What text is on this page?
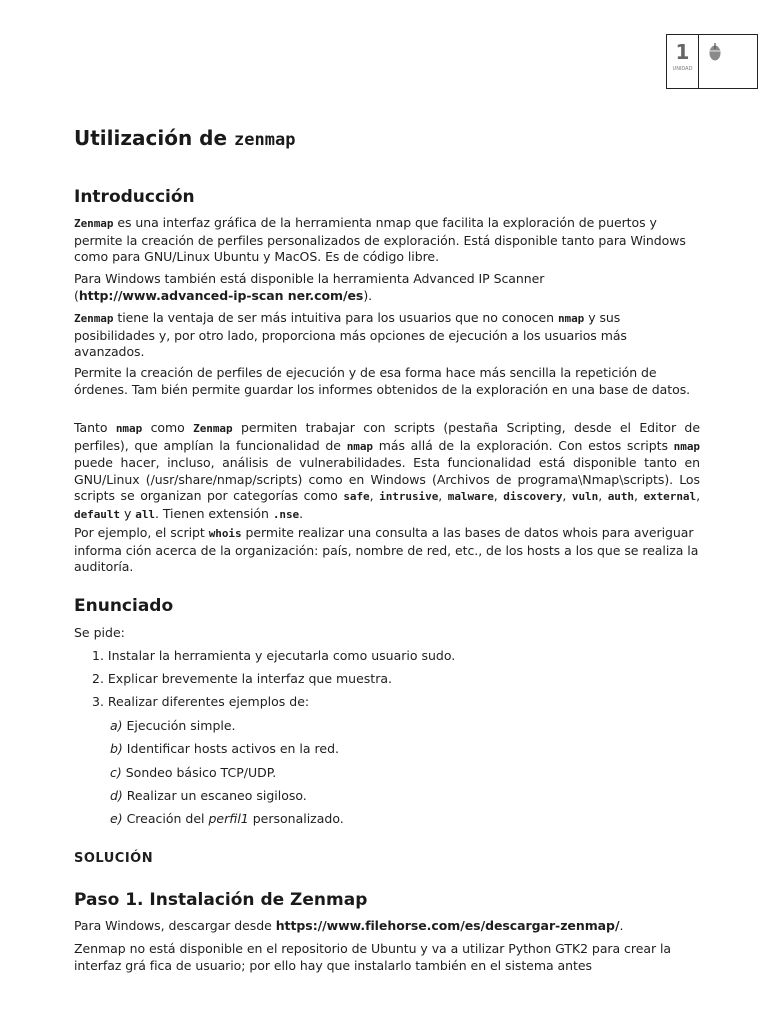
1
UNIDAD
Utilización de zenmap
Introducción

Zenmap es una interfaz gráfica de la herramienta nmap que facilita la exploración de puertos y permite la creación de perfiles personalizados de exploración. Está disponible tanto para Windows como para GNU/Linux Ubuntu y MacOS. Es de código libre.

Para Windows también está disponible la herramienta Advanced IP Scanner
(http://www.advanced-ip-scan ner.com/es).

Zenmap tiene la ventaja de ser más intuitiva para los usuarios que no conocen nmap y sus posibilidades y, por otro lado, proporciona más opciones de ejecución a los usuarios más avanzados.

Permite la creación de perfiles de ejecución y de esa forma hace más sencilla la repetición de órdenes. Tam bién permite guardar los informes obtenidos de la exploración en una base de datos.

Tanto nmap como Zenmap permiten trabajar con scripts (pestaña Scripting, desde el Editor de perfiles), que amplían la funcionalidad de nmap más allá de la exploración. Con estos scripts nmap puede hacer, incluso, análisis de vulnerabilidades. Esta funcionalidad está disponible tanto en GNU/Linux (/usr/share/nmap/scripts) como en Windows (Archivos de programa\Nmap\scripts). Los scripts se organizan por categorías como safe, intrusive, malware, discovery, vuln, auth, external, default y all. Tienen extensión .nse.

Por ejemplo, el script whois permite realizar una consulta a las bases de datos whois para averiguar informa ción acerca de la organización: país, nombre de red, etc., de los hosts a los que se realiza la auditoría.

Enunciado

Se pide:

1. Instalar la herramienta y ejecutarla como usuario sudo.

2. Explicar brevemente la interfaz que muestra.

3. Realizar diferentes ejemplos de:

a) Ejecución simple.

b) Identificar hosts activos en la red.

c) Sondeo básico TCP/UDP.

d) Realizar un escaneo sigiloso.

e) Creación del perfil1 personalizado.

SOLUCIÓN
Paso 1. Instalación de Zenmap

Para Windows, descargar desde https://www.filehorse.com/es/descargar-zenmap/.

Zenmap no está disponible en el repositorio de Ubuntu y va a utilizar Python GTK2 para crear la interfaz grá fica de usuario; por ello hay que instalarlo también en el sistema antes
